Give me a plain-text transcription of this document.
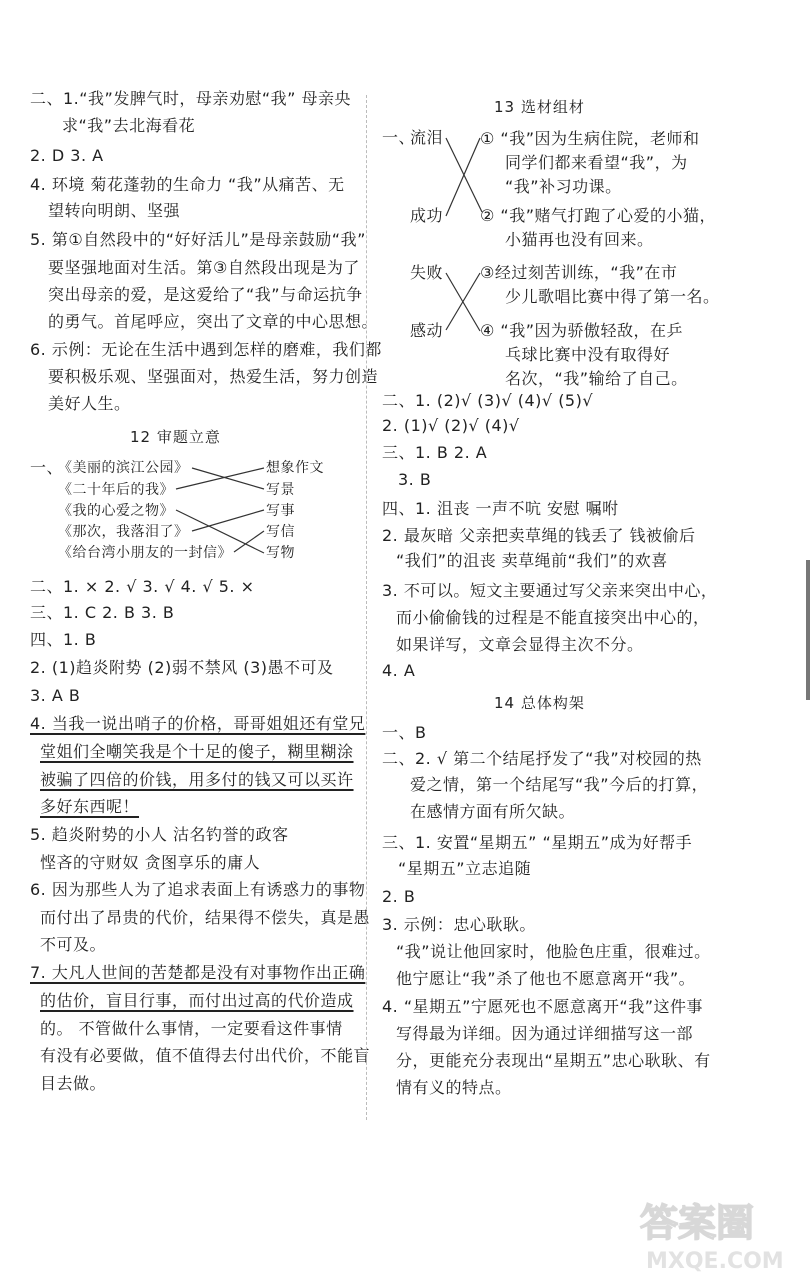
二、1.“我”发脾气时，母亲劝慰“我” 母亲央
求“我”去北海看花
2. D 3. A
4. 环境 菊花蓬勃的生命力 “我”从痛苦、无
望转向明朗、坚强
5. 第①自然段中的“好好活儿”是母亲鼓励“我”
要坚强地面对生活。第③自然段出现是为了
突出母亲的爱，是这爱给了“我”与命运抗争
的勇气。首尾呼应，突出了文章的中心思想。
6. 示例：无论在生活中遇到怎样的磨难，我们都
要积极乐观、坚强面对，热爱生活，努力创造
美好人生。
12 审题立意
一、
《美丽的滨江公园》
《二十年后的我》
《我的心爱之物》
《那次，我落泪了》
《给台湾小朋友的一封信》
想象作文
写景
写事
写信
写物
二、1. × 2. √ 3. √ 4. √ 5. ×
三、1. C 2. B 3. B
四、1. B
2. (1)趋炎附势 (2)弱不禁风 (3)愚不可及
3. A B
4. 当我一说出哨子的价格，哥哥姐姐还有堂兄
堂姐们全嘲笑我是个十足的傻子，糊里糊涂
被骗了四倍的价钱，用多付的钱又可以买许
多好东西呢！
5. 趋炎附势的小人 沽名钓誉的政客
悭吝的守财奴 贪图享乐的庸人
6. 因为那些人为了追求表面上有诱惑力的事物
而付出了昂贵的代价，结果得不偿失，真是愚
不可及。
7. 大凡人世间的苦楚都是没有对事物作出正确
的估价，盲目行事，而付出过高的代价造成
的。 不管做什么事情，一定要看这件事情
有没有必要做，值不值得去付出代价，不能盲
目去做。
13 选材组材
一、
流泪
成功
失败
感动
① “我”因为生病住院，老师和
同学们都来看望“我”，为
“我”补习功课。
② “我”赌气打跑了心爱的小猫，
小猫再也没有回来。
③经过刻苦训练，“我”在市
少儿歌唱比赛中得了第一名。
④ “我”因为骄傲轻敌，在乒
乓球比赛中没有取得好
名次，“我”输给了自己。
二、1. (2)√ (3)√ (4)√ (5)√
2. (1)√ (2)√ (4)√
三、1. B 2. A
3. B
四、1. 沮丧 一声不吭 安慰 嘱咐
2. 最灰暗 父亲把卖草绳的钱丢了 钱被偷后
“我们”的沮丧 卖草绳前“我们”的欢喜
3. 不可以。短文主要通过写父亲来突出中心，
而小偷偷钱的过程是不能直接突出中心的，
如果详写，文章会显得主次不分。
4. A
14 总体构架
一、B
二、2. √ 第二个结尾抒发了“我”对校园的热
爱之情，第一个结尾写“我”今后的打算，
在感情方面有所欠缺。
三、1. 安置“星期五” “星期五”成为好帮手
“星期五”立志追随
2. B
3. 示例：忠心耿耿。
“我”说让他回家时，他脸色庄重，很难过。
他宁愿让“我”杀了他也不愿意离开“我”。
4. “星期五”宁愿死也不愿意离开“我”这件事
写得最为详细。因为通过详细描写这一部
分，更能充分表现出“星期五”忠心耿耿、有
情有义的特点。
答案圈
MXQE.COM
